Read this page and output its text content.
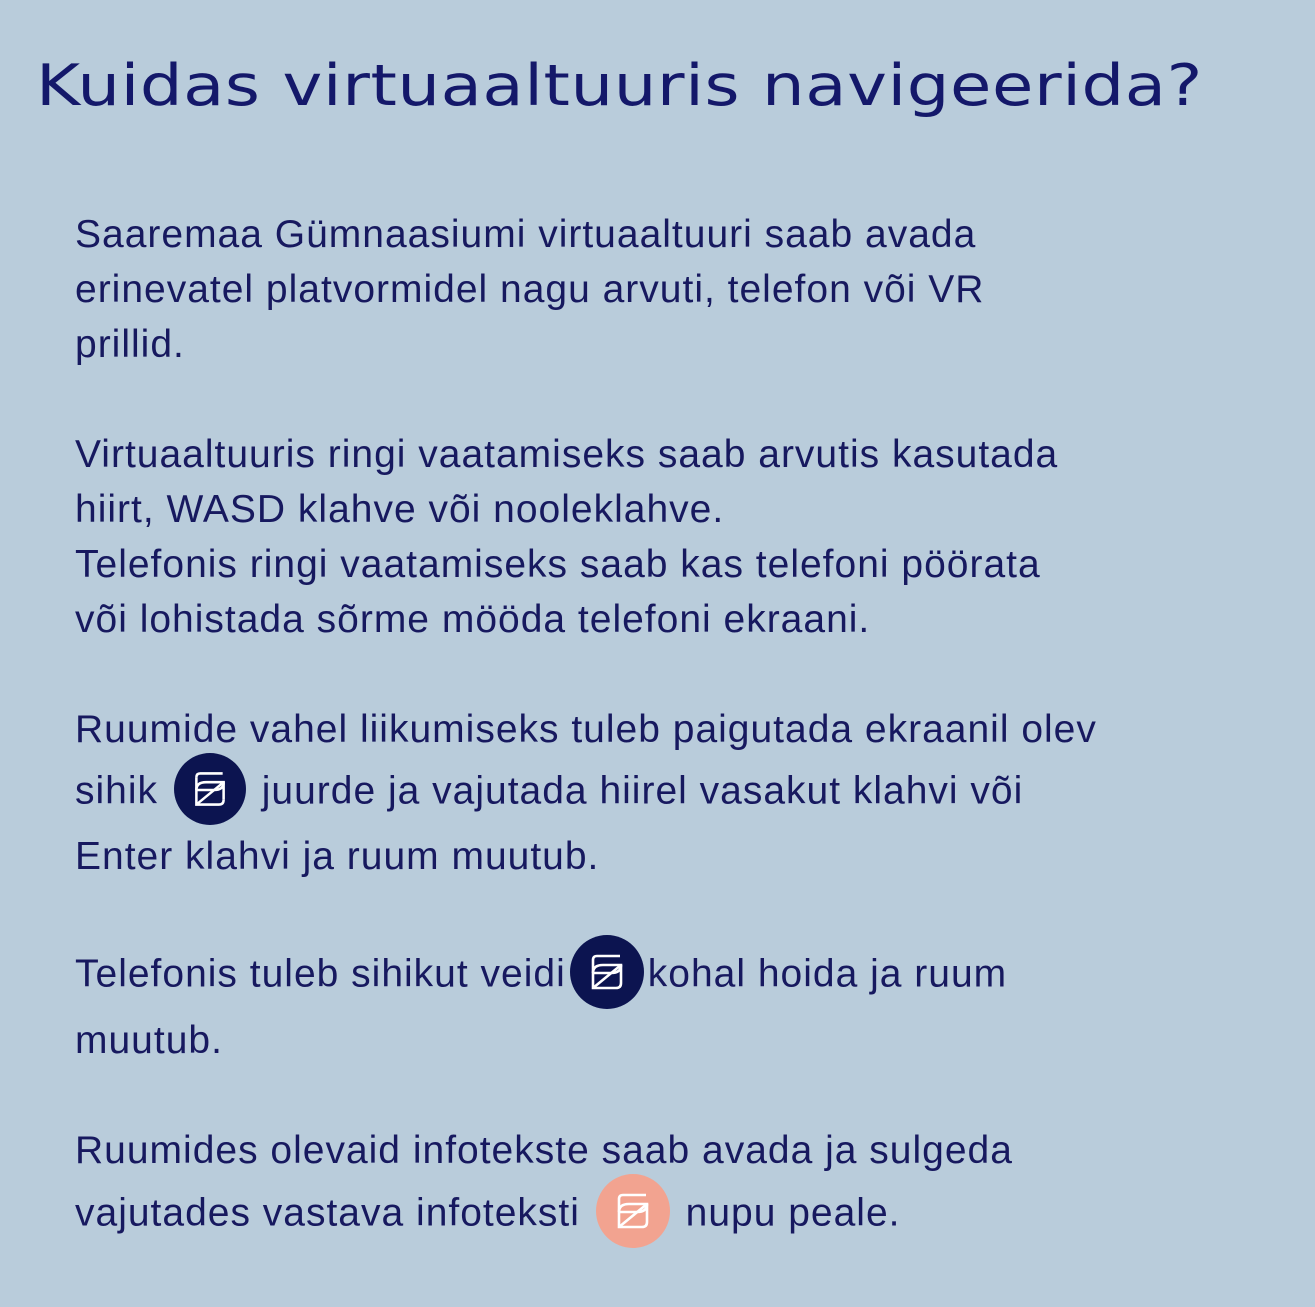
Kuidas virtuaaltuuris navigeerida?

Saaremaa Gümnaasiumi virtuaaltuuri saab avada
erinevatel platvormidel nagu arvuti, telefon või VR
prillid.

Virtuaaltuuris ringi vaatamiseks saab arvutis kasutada
hiirt, WASD klahve või nooleklahve.
Telefonis ringi vaatamiseks saab kas telefoni pöörata
või lohistada sõrme mööda telefoni ekraani.

Ruumide vahel liikumiseks tuleb paigutada ekraanil olev
sihik	juurde ja vajutada hiirel vasakut klahvi või
Enter klahvi ja ruum muutub.

Telefonis tuleb sihikut veidi kohal hoida ja ruum
muutub.

Ruumides olevaid infotekste saab avada ja sulgeda
vajutades vastava infoteksti	nupu peale.
